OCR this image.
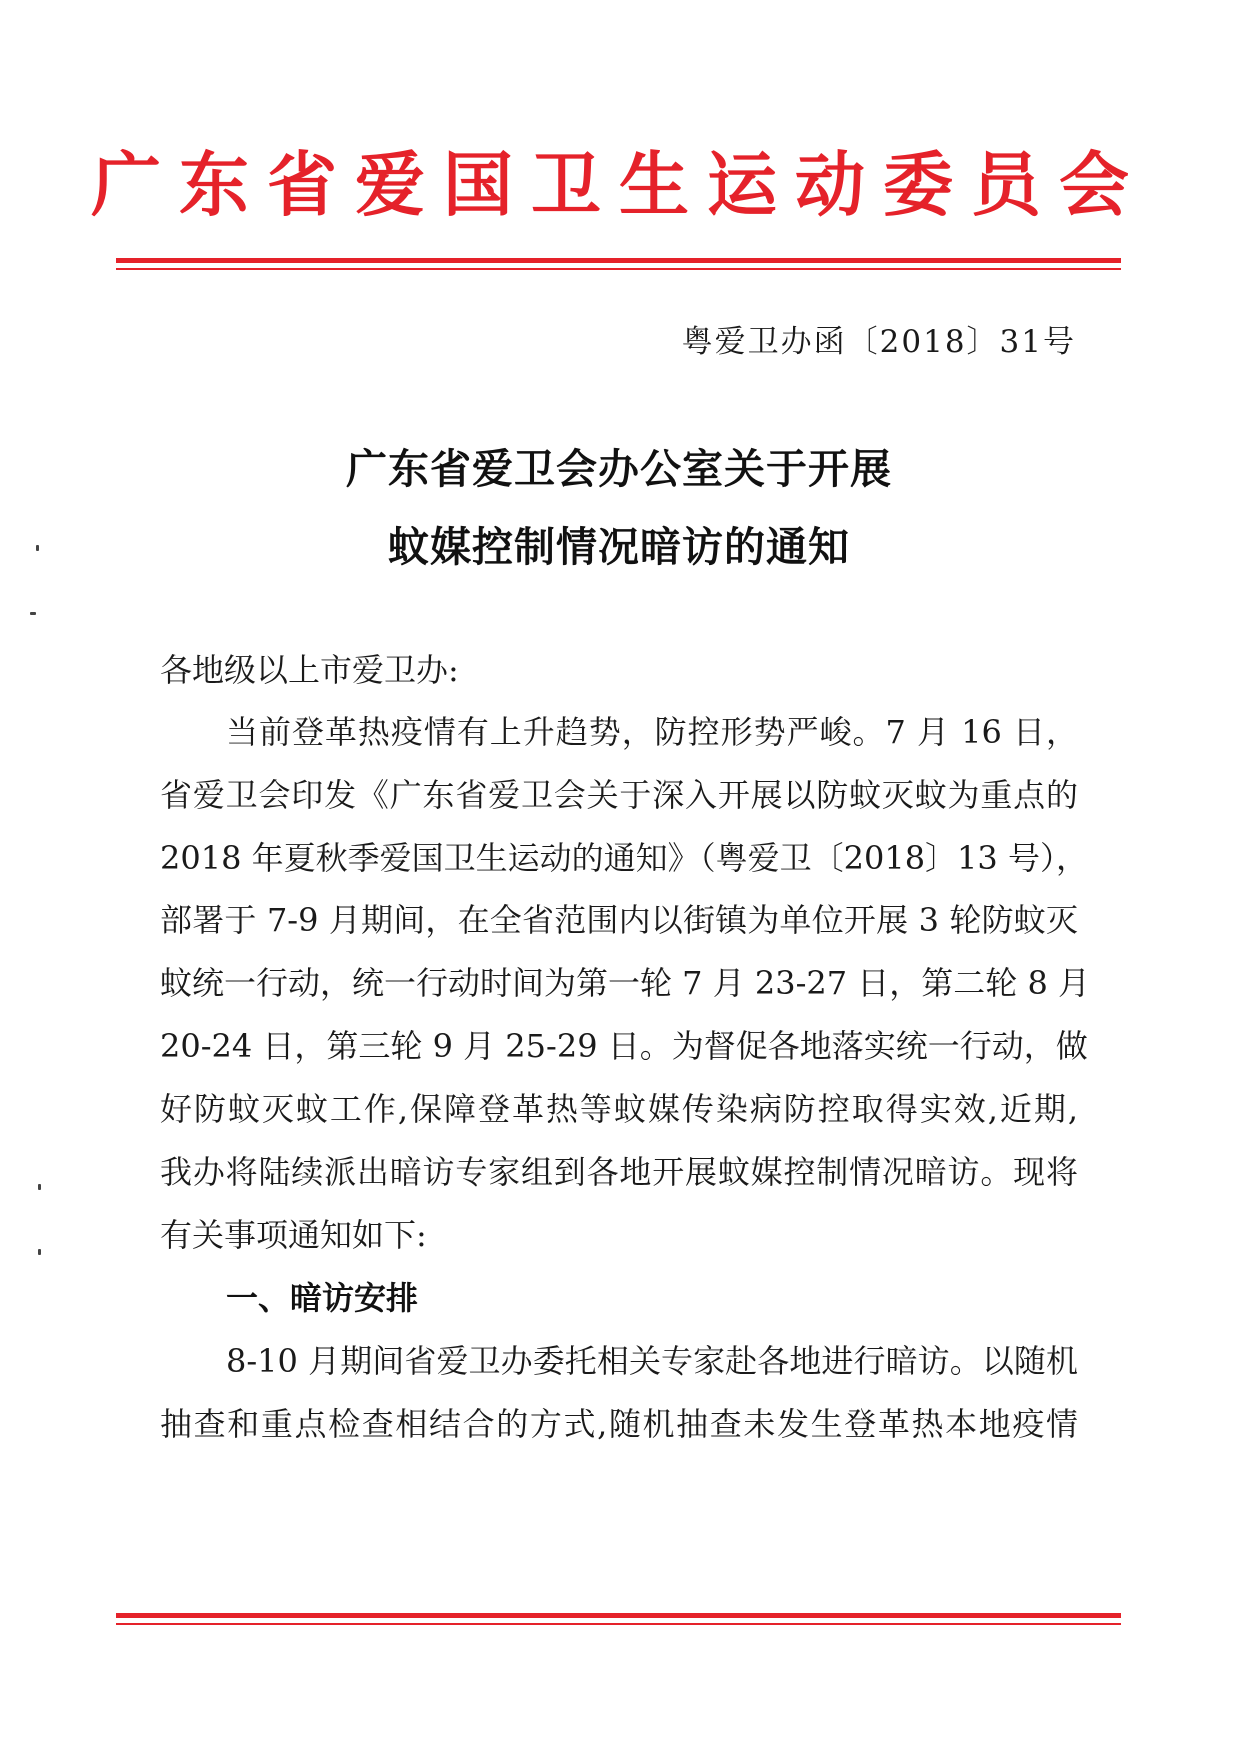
广东省爱国卫生运动委员会
粤爱卫办函〔2018〕31号
广东省爱卫会办公室关于开展
蚊媒控制情况暗访的通知
各地级以上市爱卫办:
当前登革热疫情有上升趋势，防控形势严峻。7 月 16 日，
省爱卫会印发《广东省爱卫会关于深入开展以防蚊灭蚊为重点的
2018 年夏秋季爱国卫生运动的通知》（粤爱卫〔2018〕13 号），
部署于 7-9 月期间，在全省范围内以街镇为单位开展 3 轮防蚊灭
蚊统一行动，统一行动时间为第一轮 7 月 23-27 日，第二轮 8 月
20-24 日，第三轮 9 月 25-29 日。为督促各地落实统一行动，做
好防蚊灭蚊工作,保障登革热等蚊媒传染病防控取得实效,近期,
我办将陆续派出暗访专家组到各地开展蚊媒控制情况暗访。现将
有关事项通知如下:
一、暗访安排
8-10 月期间省爱卫办委托相关专家赴各地进行暗访。以随机
抽查和重点检查相结合的方式,随机抽查未发生登革热本地疫情
